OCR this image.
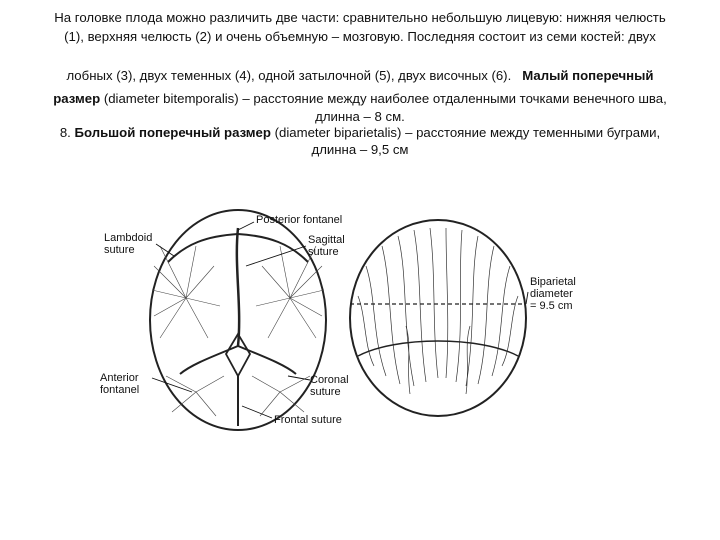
На головке плода можно различить две части: сравнительно небольшую лицевую: нижняя челюсть
(1), верхняя челюсть (2) и очень объемную – мозговую. Последняя состоит из семи костей: двух
лобных (3), двух теменных (4), одной затылочной (5), двух височных (6). Малый поперечный
размер (diameter bitemporalis) – расстояние между наиболее отдаленными точками венечного шва,
длинна – 8 см.
8. Большой поперечный размер (diameter biparietalis) – расстояние между теменными буграми,
длинна – 9,5 см
Posterior fontanel
Lambdoid
suture
Sagittal
suture
Anterior
fontanel
Coronal
suture
Frontal suture
Biparietal
diameter
= 9.5 cm
